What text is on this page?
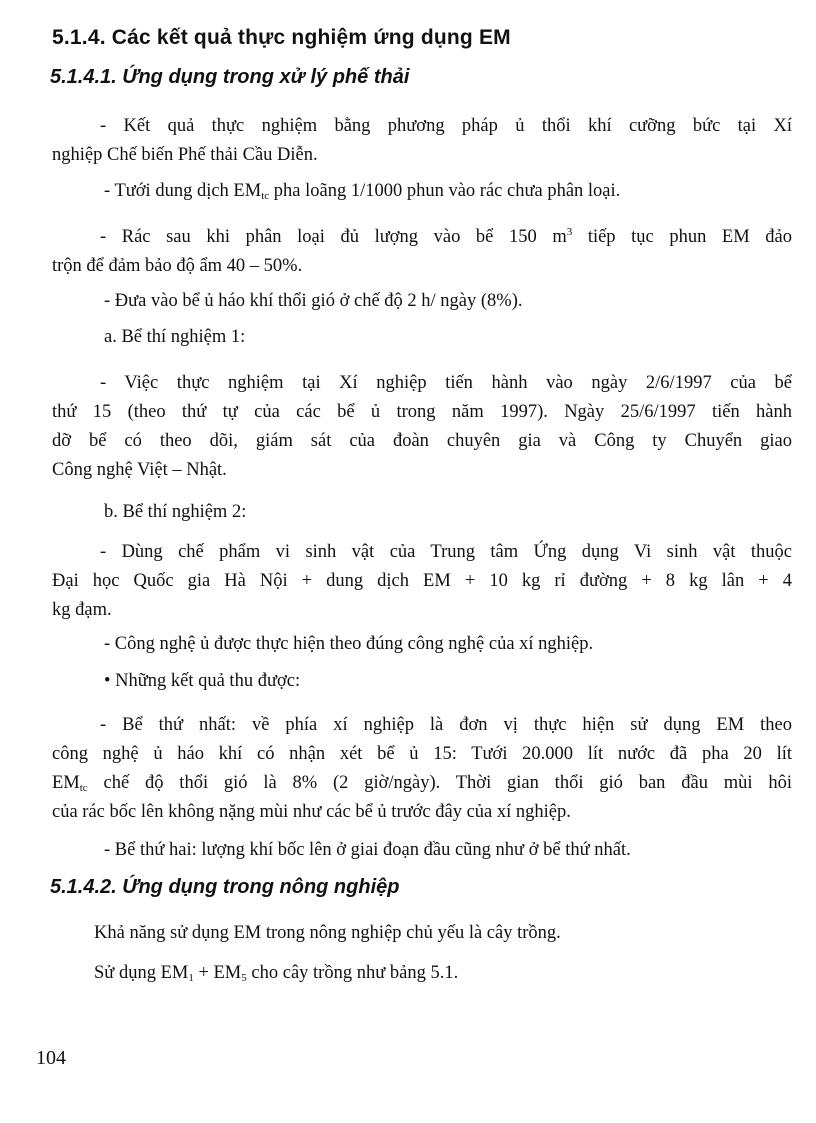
5.1.4. Các kết quả thực nghiệm ứng dụng EM
5.1.4.1. Ứng dụng trong xử lý phế thải
- Kết quả thực nghiệm bằng phương pháp ủ thổi khí cưỡng bức tại Xí
nghiệp Chế biến Phế thải Cầu Diễn.
- Tưới dung dịch $EM_{tc}$ pha loãng 1/1000 phun vào rác chưa phân loại.
- Rác sau khi phân loại đủ lượng vào bể 150 $m^3$ tiếp tục phun EM đảo
trộn để đảm bảo độ ẩm 40 – 50%.
- Đưa vào bể ủ háo khí thổi gió ở chế độ 2 h/ ngày (8%).
a. Bể thí nghiệm 1:
- Việc thực nghiệm tại Xí nghiệp tiến hành vào ngày 2/6/1997 của bể
thứ 15 (theo thứ tự của các bể ủ trong năm 1997). Ngày 25/6/1997 tiến hành
dỡ bể có theo dõi, giám sát của đoàn chuyên gia và Công ty Chuyển giao
Công nghệ Việt – Nhật.
b. Bể thí nghiệm 2:
- Dùng chế phẩm vi sinh vật của Trung tâm Ứng dụng Vi sinh vật thuộc
Đại học Quốc gia Hà Nội + dung dịch EM + 10 kg rỉ đường + 8 kg lân + 4
kg đạm.
- Công nghệ ủ được thực hiện theo đúng công nghệ của xí nghiệp.
• Những kết quả thu được:
- Bể thứ nhất: về phía xí nghiệp là đơn vị thực hiện sử dụng EM theo
công nghệ ủ háo khí có nhận xét bể ủ 15: Tưới 20.000 lít nước đã pha 20 lít
$EM_{tc}$ chế độ thổi gió là 8% (2 giờ/ngày). Thời gian thổi gió ban đầu mùi hôi
của rác bốc lên không nặng mùi như các bể ủ trước đây của xí nghiệp.
- Bể thứ hai: lượng khí bốc lên ở giai đoạn đầu cũng như ở bể thứ nhất.
5.1.4.2. Ứng dụng trong nông nghiệp
Khả năng sử dụng EM trong nông nghiệp chủ yếu là cây trồng.
Sử dụng $EM_1 + EM_5$ cho cây trồng như bảng 5.1.
104
